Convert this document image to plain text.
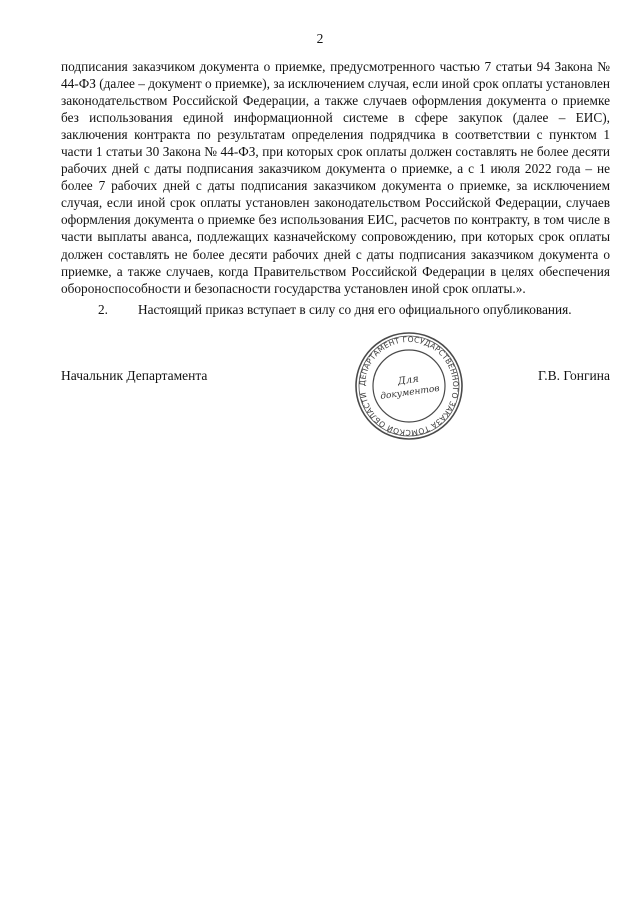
2

подписания заказчиком документа о приемке, предусмотренного частью 7 статьи 94 Закона № 44-ФЗ (далее – документ о приемке), за исключением случая, если иной срок оплаты установлен законодательством Российской Федерации, а также случаев оформления документа о приемке без использования единой информационной системе в сфере закупок (далее – ЕИС), заключения контракта по результатам определения подрядчика в соответствии с пунктом 1 части 1 статьи 30 Закона № 44-ФЗ, при которых срок оплаты должен составлять не более десяти рабочих дней с даты подписания заказчиком документа о приемке, а с 1 июля 2022 года – не более 7 рабочих дней с даты подписания заказчиком документа о приемке, за исключением случая, если иной срок оплаты установлен законодательством Российской Федерации, случаев оформления документа о приемке без использования ЕИС, расчетов по контракту, в том числе в части выплаты аванса, подлежащих казначейскому сопровождению, при которых срок оплаты должен составлять не более десяти рабочих дней с даты подписания заказчиком документа о приемке, а также случаев, когда Правительством Российской Федерации в целях обеспечения обороноспособности и безопасности государства установлен иной срок оплаты.».

2. Настоящий приказ вступает в силу со дня его официального опубликования.
Начальник Департамента	Г.В. Гонгина
ДЕПАРТАМЕНТ ГОСУДАРСТВЕННОГО ЗАКАЗА ТОМСКОЙ ОБЛАСТИ
Для
документов
